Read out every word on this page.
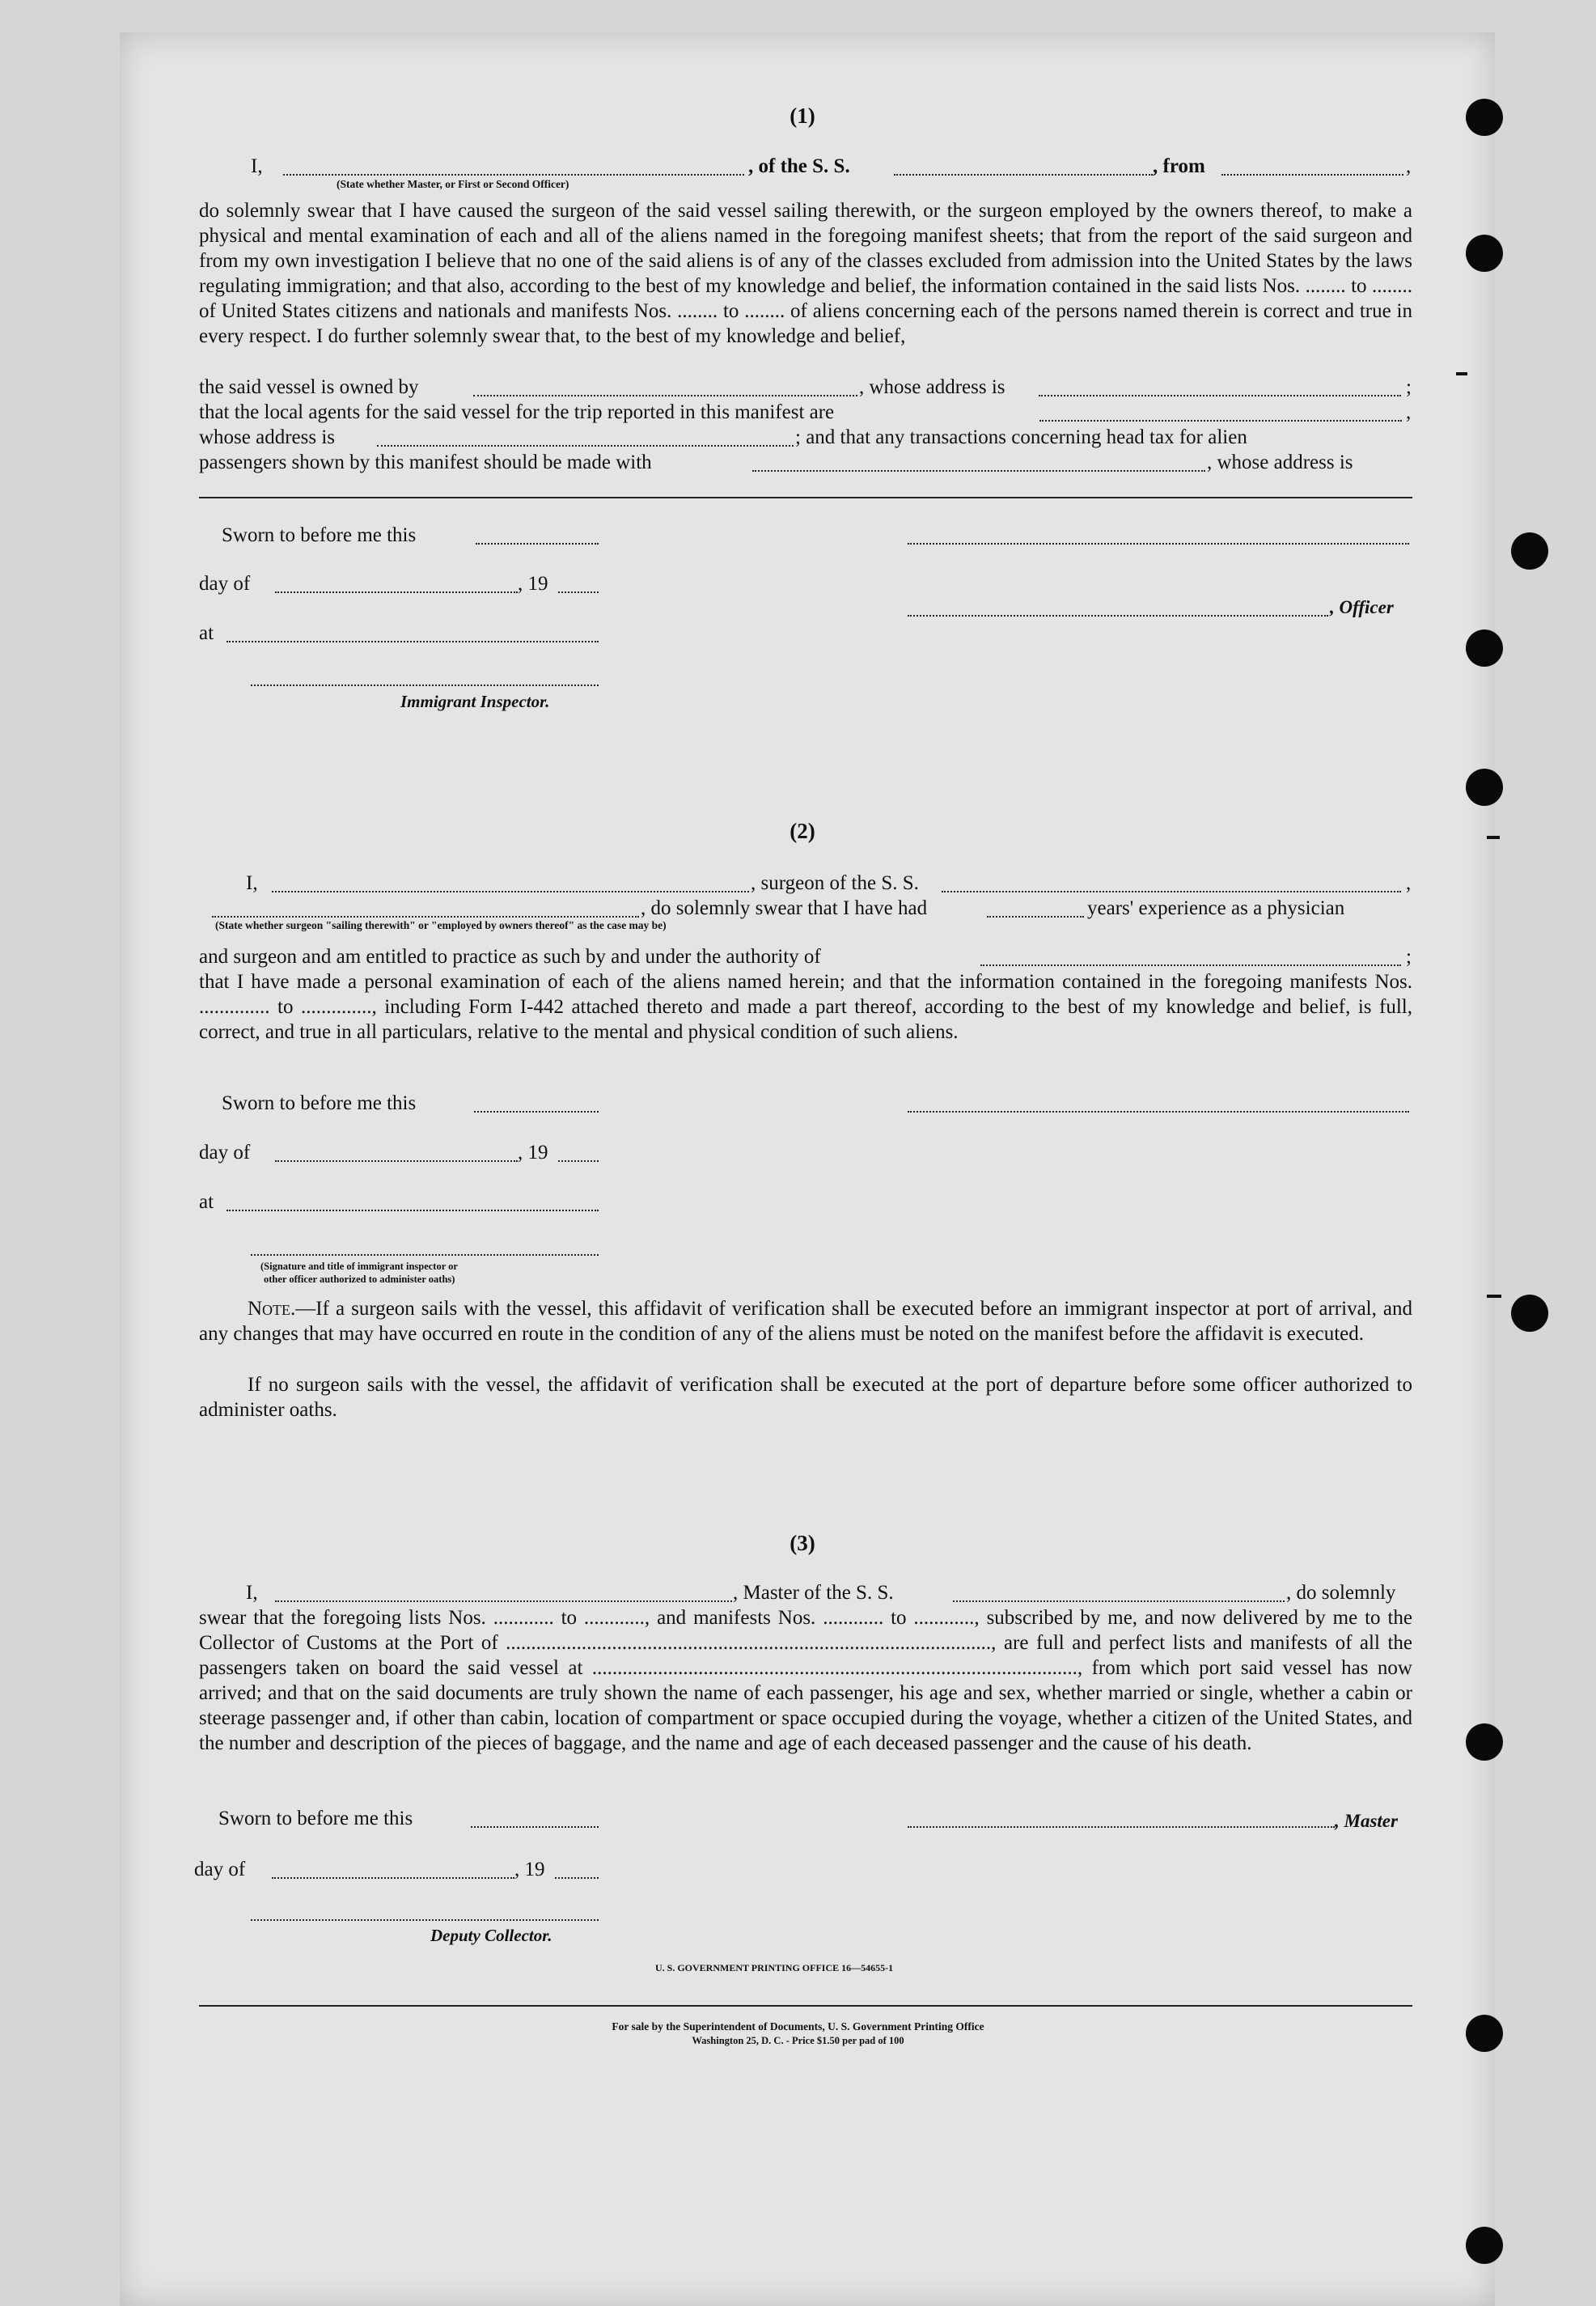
(1)
I,	, of the S. S.	, from	,
(State whether Master, or First or Second Officer)
do solemnly swear that I have caused the surgeon of the said vessel sailing therewith, or the surgeon employed by the owners thereof, to make a physical and mental examination of each and all of the aliens named in the foregoing manifest sheets; that from the report of the said surgeon and from my own investigation I believe that no one of the said aliens is of any of the classes excluded from admission into the United States by the laws regulating immigration; and that also, according to the best of my knowledge and belief, the information contained in the said lists Nos. ........ to ........ of United States citizens and nationals and manifests Nos. ........ to ........ of aliens concerning each of the persons named therein is correct and true in every respect. I do further solemnly swear that, to the best of my knowledge and belief,
the said vessel is owned by	, whose address is	;
that the local agents for the said vessel for the trip reported in this manifest are	,
whose address is	; and that any transactions concerning head tax for alien
passengers shown by this manifest should be made with	, whose address is
Sworn to before me this
day of	, 19
, Officer
at
Immigrant Inspector.
(2)
I,	, surgeon of the S. S.	,
, do solemnly swear that I have had	years' experience as a physician
(State whether surgeon "sailing therewith" or "employed by owners thereof" as the case may be)
and surgeon and am entitled to practice as such by and under the authority of	;
that I have made a personal examination of each of the aliens named herein; and that the information contained in the foregoing manifests Nos. .............. to .............., including Form I-442 attached thereto and made a part thereof, according to the best of my knowledge and belief, is full, correct, and true in all particulars, relative to the mental and physical condition of such aliens.
Sworn to before me this
day of	, 19
at
(Signature and title of immigrant inspector or
other officer authorized to administer oaths)
Note.—If a surgeon sails with the vessel, this affidavit of verification shall be executed before an immigrant inspector at port of arrival, and any changes that may have occurred en route in the condition of any of the aliens must be noted on the manifest before the affidavit is executed.
If no surgeon sails with the vessel, the affidavit of verification shall be executed at the port of departure before some officer authorized to administer oaths.
(3)
I,	, Master of the S. S.	, do solemnly
swear that the foregoing lists Nos. ............ to ............, and manifests Nos. ............ to ............, subscribed by me, and now delivered by me to the Collector of Customs at the Port of ................................................................................................, are full and perfect lists and manifests of all the passengers taken on board the said vessel at ................................................................................................, from which port said vessel has now arrived; and that on the said documents are truly shown the name of each passenger, his age and sex, whether married or single, whether a cabin or steerage passenger and, if other than cabin, location of compartment or space occupied during the voyage, whether a citizen of the United States, and the number and description of the pieces of baggage, and the name and age of each deceased passenger and the cause of his death.
Sworn to before me this	, Master
day of	, 19
Deputy Collector.
U. S. GOVERNMENT PRINTING OFFICE 16—54655-1
For sale by the Superintendent of Documents, U. S. Government Printing Office
Washington 25, D. C. - Price $1.50 per pad of 100
